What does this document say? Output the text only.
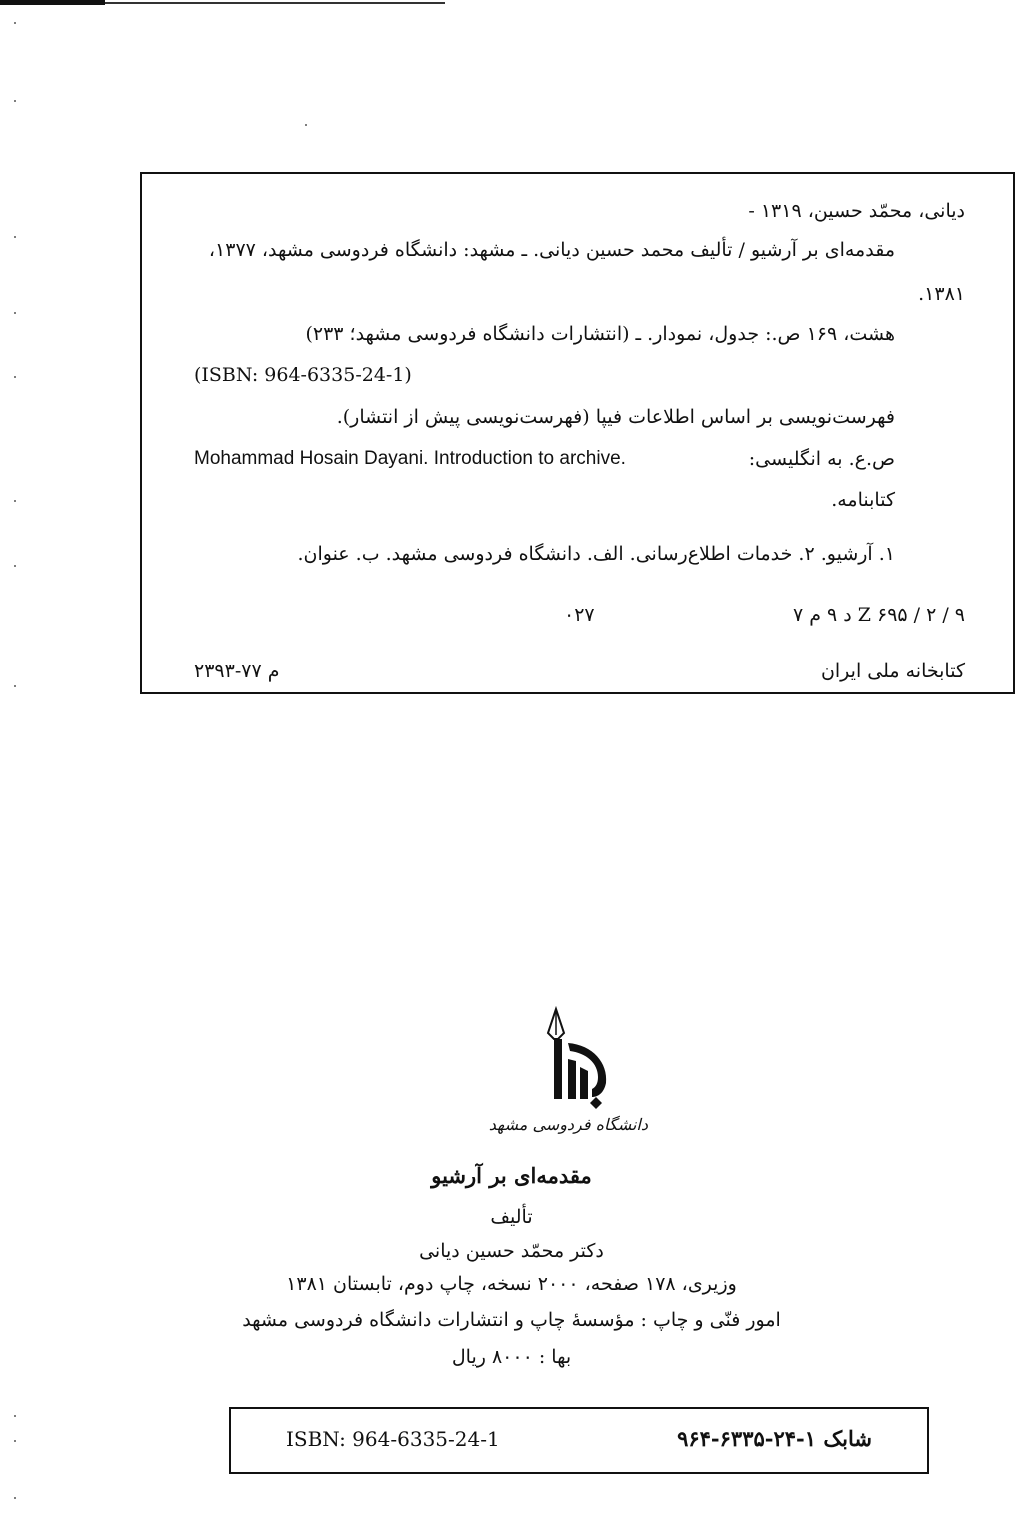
دیانی، محمّد حسین، ۱۳۱۹ -
مقدمه‌ای بر آرشیو / تألیف محمد حسین دیانی. ـ مشهد: دانشگاه فردوسی مشهد، ۱۳۷۷،
۱۳۸۱.
هشت، ۱۶۹ ص.: جدول، نمودار. ـ (انتشارات دانشگاه فردوسی مشهد؛ ۲۳۳)
(ISBN: 964-6335-24-1)
فهرست‌نویسی بر اساس اطلاعات فیپا (فهرست‌نویسی پیش از انتشار).
ص.ع. به انگلیسی:
Mohammad Hosain Dayani. Introduction to archive.
کتابنامه.
۱. آرشیو. ۲. خدمات اطلاع‌رسانی. الف. دانشگاه فردوسی مشهد. ب. عنوان.
Z ۶۹۵ / ۲ / ۹ د ۹ م ۷
۰۲۷
کتابخانه ملی ایران
م ۷۷-۲۳۹۳
دانشگاه فردوسی مشهد
مقدمه‌ای بر آرشیو
تألیف
دکتر محمّد حسین دیانی
وزیری، ۱۷۸ صفحه، ۲۰۰۰ نسخه، چاپ دوم، تابستان ۱۳۸۱
امور فنّی و چاپ : مؤسسهٔ چاپ و انتشارات دانشگاه فردوسی مشهد
بها : ۸۰۰۰ ریال
ISBN: 964-6335-24-1	شابک ۱-۲۴-۶۳۳۵-۹۶۴
